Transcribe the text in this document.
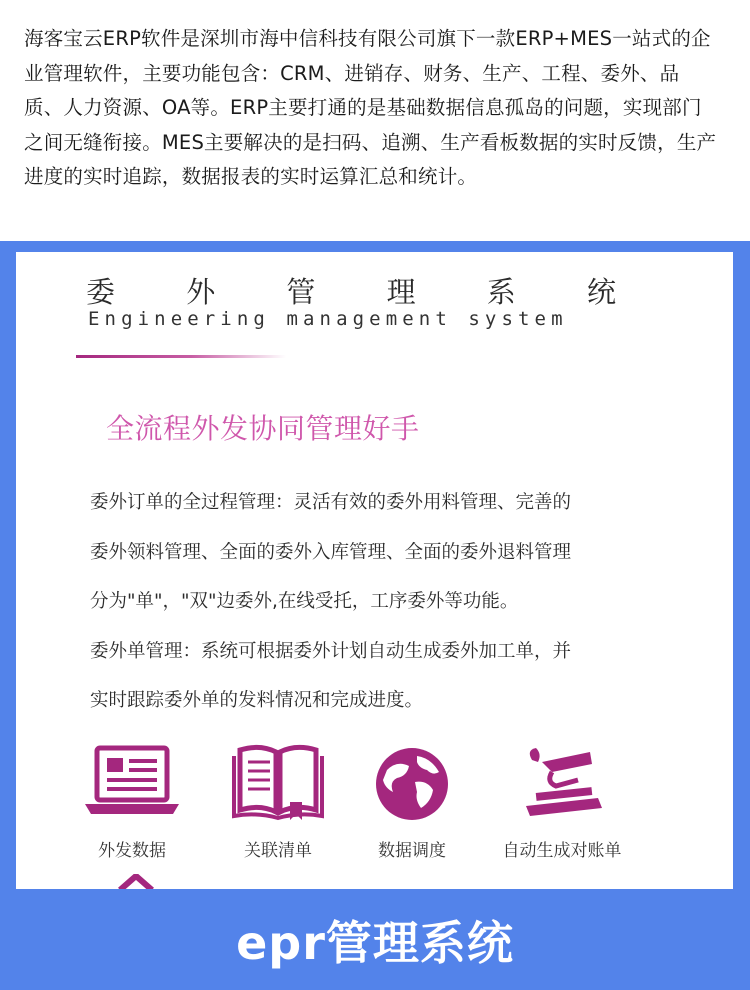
海客宝云ERP软件是深圳市海中信科技有限公司旗下一款ERP+MES一站式的企
业管理软件，主要功能包含：CRM、进销存、财务、生产、工程、委外、品
质、人力资源、OA等。ERP主要打通的是基础数据信息孤岛的问题，实现部门
之间无缝衔接。MES主要解决的是扫码、追溯、生产看板数据的实时反馈，生产
进度的实时追踪，数据报表的实时运算汇总和统计。
委 外 管 理 系 统
Engineering management system
全流程外发协同管理好手
委外订单的全过程管理：灵活有效的委外用料管理、完善的
委外领料管理、全面的委外入库管理、全面的委外退料管理
分为"单"，"双"边委外,在线受托，工序委外等功能。
委外单管理：系统可根据委外计划自动生成委外加工单，并
实时跟踪委外单的发料情况和完成进度。
外发数据	关联清单	数据调度	自动生成对账单
epr管理系统
